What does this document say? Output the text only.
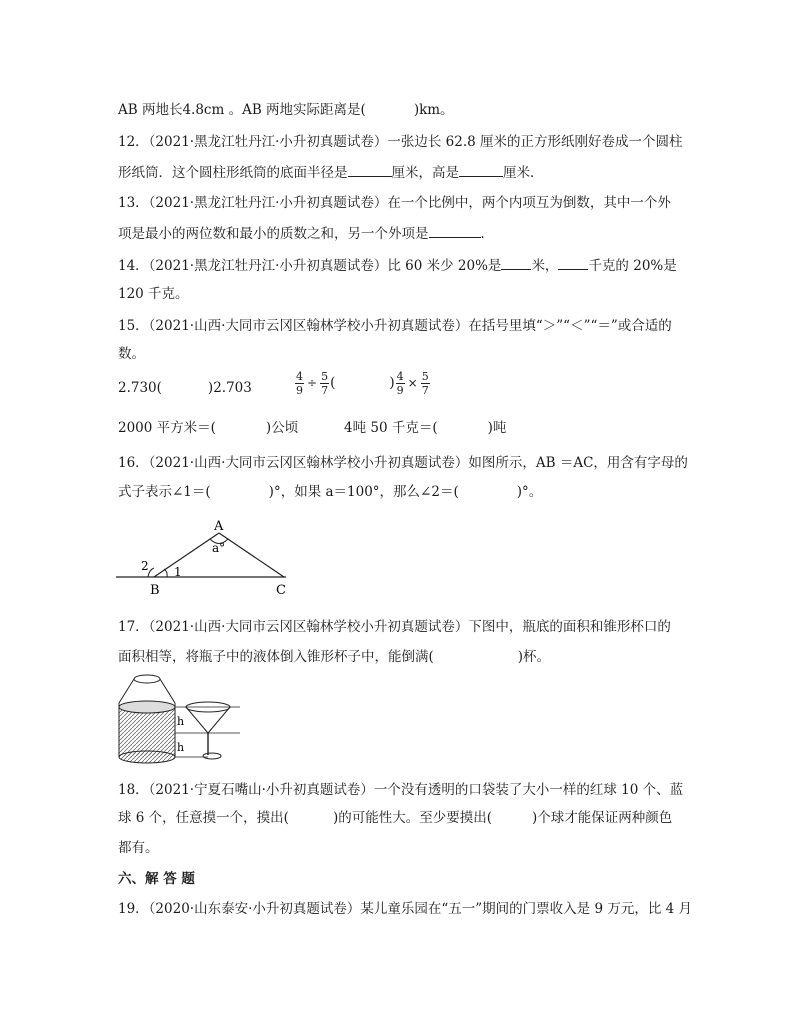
AB 两地长4.8cm 。AB 两地实际距离是(	)km。
12．（2021·黑龙江牡丹江·小升初真题试卷）一张边长 62.8 厘米的正方形纸刚好卷成一个圆柱
形纸筒．这个圆柱形纸筒的底面半径是	厘米，高是	厘米．
13．（2021·黑龙江牡丹江·小升初真题试卷）在一个比例中，两个内项互为倒数，其中一个外
项是最小的两位数和最小的质数之和，另一个外项是	．
14．（2021·黑龙江牡丹江·小升初真题试卷）比 60 米少 20%是 米， 千克的 20%是
120 千克。
15．（2021·山西·大同市云冈区翰林学校小升初真题试卷）在括号里填“＞”“＜”“＝”或合适的
数。
2.730(	)2.703	$\frac{4}{9} \div \frac{5}{7}$ (	) $\frac{4}{9} \times \frac{5}{7}$
2000 平方米＝(	)公顷	4吨 50 千克＝(	)吨
16．（2021·山西·大同市云冈区翰林学校小升初真题试卷）如图所示，AB ＝AC，用含有字母的
式子表示∠1＝(	)°，如果 a＝100°，那么∠2＝(	)°。
A
a°
B	C
1
2
17．（2021·山西·大同市云冈区翰林学校小升初真题试卷）下图中，瓶底的面积和锥形杯口的
面积相等，将瓶子中的液体倒入锥形杯子中，能倒满(	)杯。
h
h
18．（2021·宁夏石嘴山·小升初真题试卷）一个没有透明的口袋装了大小一样的红球 10 个、蓝
球 6 个，任意摸一个，摸出(	)的可能性大。至少要摸出(	)个球才能保证两种颜色
都有。
六、解 答 题
19．（2020·山东泰安·小升初真题试卷）某儿童乐园在“五一”期间的门票收入是 9 万元，比 4 月
